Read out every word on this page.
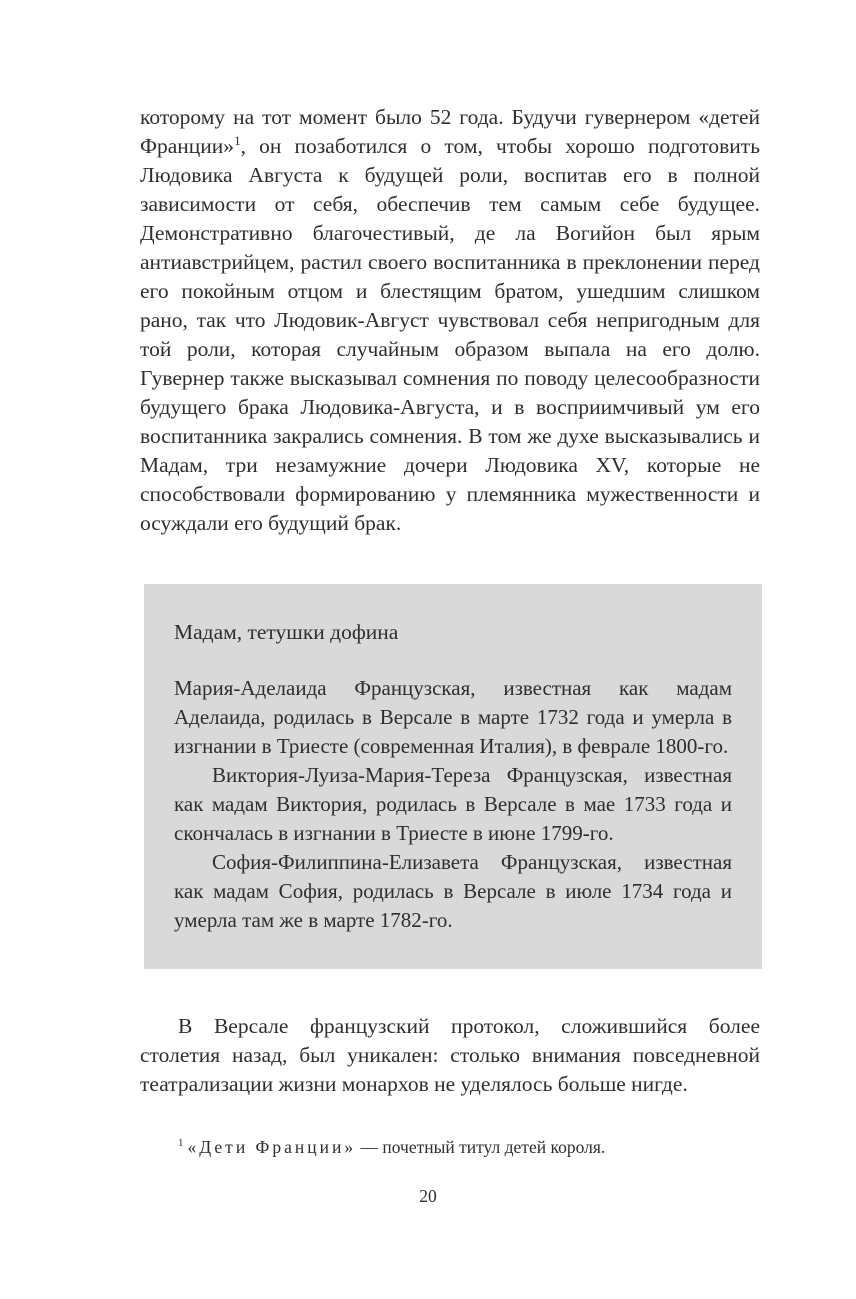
которому на тот момент было 52 года. Будучи гувернером «детей Франции»$^1$, он позаботился о том, чтобы хорошо подготовить Людовика Августа к будущей роли, воспитав его в полной зависимости от себя, обеспечив тем самым себе будущее. Демонстративно благочестивый, де ла Вогийон был ярым антиавстрийцем, растил своего воспитанника в преклонении перед его покойным отцом и блестящим братом, ушедшим слишком рано, так что Людовик-Август чувствовал себя непригодным для той роли, которая случайным образом выпала на его долю. Гувернер также высказывал сомнения по поводу целесообразности будущего брака Людовика-Августа, и в восприимчивый ум его воспитанника закрались сомнения. В том же духе высказывались и Мадам, три незамужние дочери Людовика XV, которые не способствовали формированию у племянника мужественности и осуждали его будущий брак.

Мадам, тетушки дофина

Мария-Аделаида Французская, известная как мадам Аделаида, родилась в Версале в марте 1732 года и умерла в изгнании в Триесте (современная Италия), в феврале 1800-го.

Виктория-Луиза-Мария-Тереза Французская, известная как мадам Виктория, родилась в Версале в мае 1733 года и скончалась в изгнании в Триесте в июне 1799-го.

София-Филиппина-Елизавета Французская, известная как мадам София, родилась в Версале в июле 1734 года и умерла там же в марте 1782-го.

В Версале французский протокол, сложившийся более столетия назад, был уникален: столько внимания повседневной театрализации жизни монархов не уделялось больше нигде.

$^1$ «Дети Франции» — почетный титул детей короля.
20
